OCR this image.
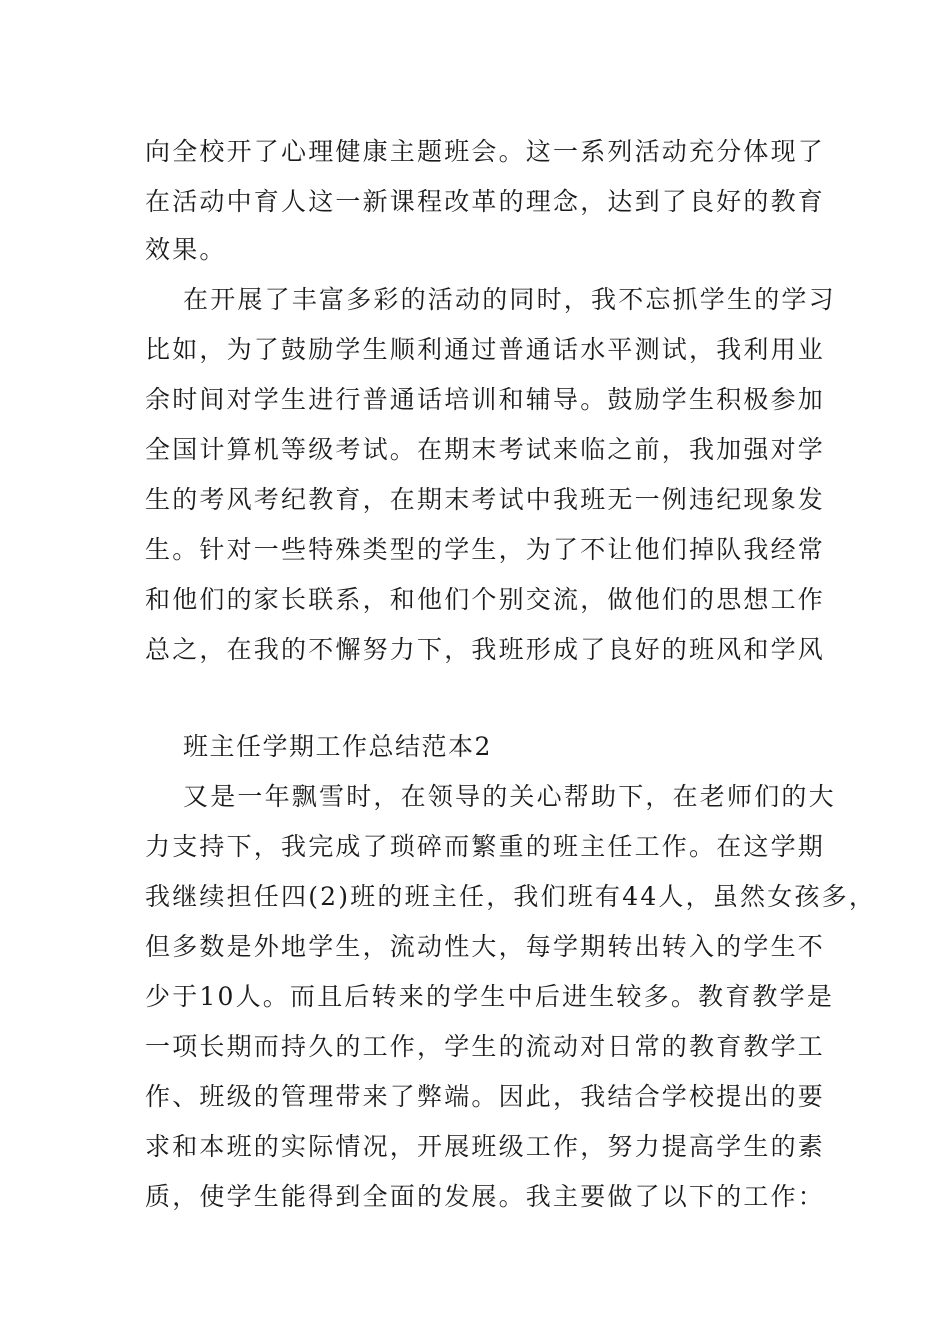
向全校开了心理健康主题班会。这一系列活动充分体现了
在活动中育人这一新课程改革的理念，达到了良好的教育
效果。
在开展了丰富多彩的活动的同时，我不忘抓学生的学习
比如，为了鼓励学生顺利通过普通话水平测试，我利用业
余时间对学生进行普通话培训和辅导。鼓励学生积极参加
全国计算机等级考试。在期末考试来临之前，我加强对学
生的考风考纪教育，在期末考试中我班无一例违纪现象发
生。针对一些特殊类型的学生，为了不让他们掉队我经常
和他们的家长联系，和他们个别交流，做他们的思想工作
总之，在我的不懈努力下，我班形成了良好的班风和学风
班主任学期工作总结范本2
又是一年飘雪时，在领导的关心帮助下，在老师们的大
力支持下，我完成了琐碎而繁重的班主任工作。在这学期
我继续担任四(2)班的班主任，我们班有44人，虽然女孩多，
但多数是外地学生，流动性大，每学期转出转入的学生不
少于10人。而且后转来的学生中后进生较多。教育教学是
一项长期而持久的工作，学生的流动对日常的教育教学工
作、班级的管理带来了弊端。因此，我结合学校提出的要
求和本班的实际情况，开展班级工作，努力提高学生的素
质，使学生能得到全面的发展。我主要做了以下的工作：
